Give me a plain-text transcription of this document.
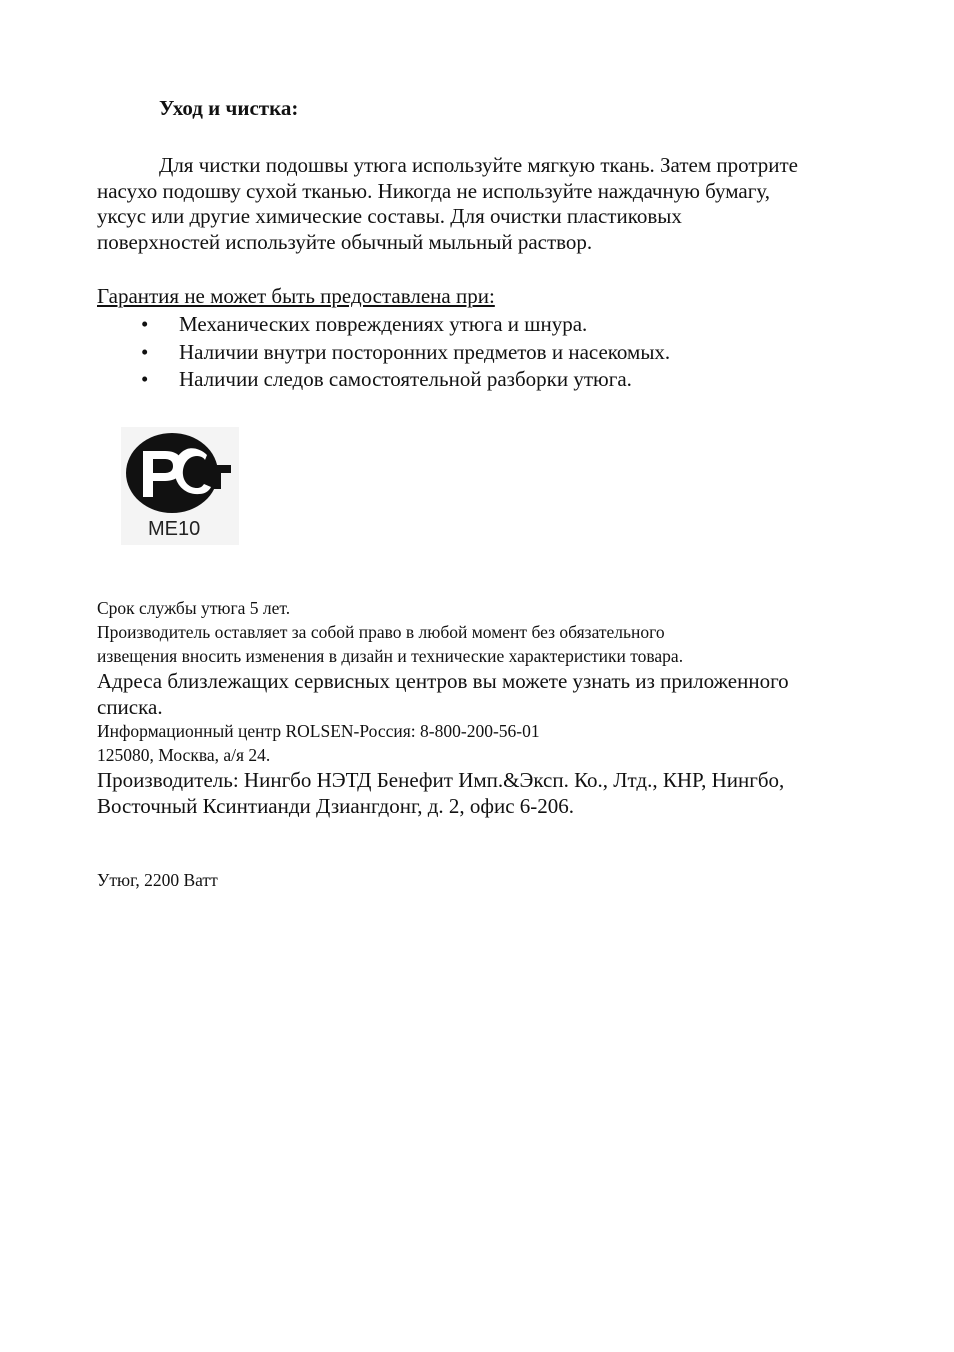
Уход и чистка:

Для чистки подошвы утюга используйте мягкую ткань. Затем протрите
насухо подошву сухой тканью. Никогда не используйте наждачную бумагу,
уксус или другие химические составы. Для очистки пластиковых
поверхностей используйте обычный мыльный раствор.

Гарантия не может быть предоставлена при:

• Механических повреждениях утюга и шнура.
• Наличии внутри посторонних предметов и насекомых.
• Наличии следов самостоятельной разборки утюга.
ME10

Срок службы утюга 5 лет.

Производитель оставляет за собой право в любой момент без обязательного

извещения вносить изменения в дизайн и технические характеристики товара.

Адреса близлежащих сервисных центров вы можете узнать из приложенного

списка.

Информационный центр ROLSEN-Россия: 8-800-200-56-01

125080, Москва, а/я 24.

Производитель: Нингбо НЭТД Бенефит Имп.&Эксп. Ко., Лтд., КНР, Нингбо,

Восточный Ксинтианди Дзиангдонг, д. 2, офис 6-206.

Утюг, 2200 Ватт
